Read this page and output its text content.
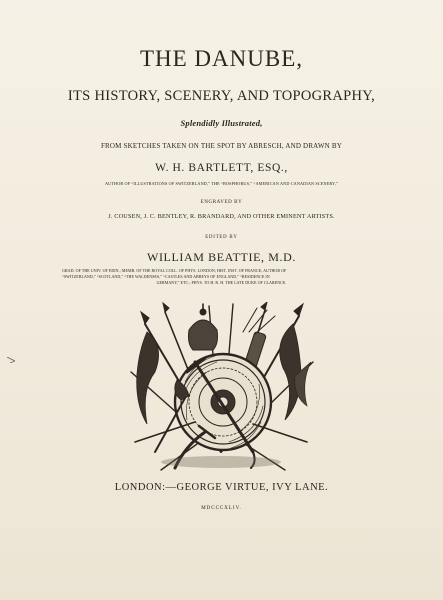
THE DANUBE,
ITS HISTORY, SCENERY, AND TOPOGRAPHY,
Splendidly Illustrated,
FROM SKETCHES TAKEN ON THE SPOT BY ABRESCH, AND DRAWN BY
W. H. BARTLETT, ESQ.,
AUTHOR OF “ILLUSTRATIONS OF SWITZERLAND,” THE “BOSPHORUS,” “AMERICAN AND CANADIAN SCENERY,”
ENGRAVED BY
J. COUSEN, J. C. BENTLEY, R. BRANDARD, AND OTHER EMINENT ARTISTS.
EDITED BY
WILLIAM BEATTIE, M.D.
GRAD. OF THE UNIV. OF EDIN.; MEMB. OF THE ROYAL COLL. OF PHYS. LONDON; HIST. INST. OF FRANCE; AUTHOR OF
“SWITZERLAND,” “SCOTLAND,” “THE WALDENSES,” “CASTLES AND ABBEYS OF ENGLAND,” “RESIDENCE IN
GERMANY,” ETC.; PHYS. TO H. R. H. THE LATE DUKE OF CLARENCE.
LONDON:—GEORGE VIRTUE, IVY LANE.
MDCCCXLIV.
